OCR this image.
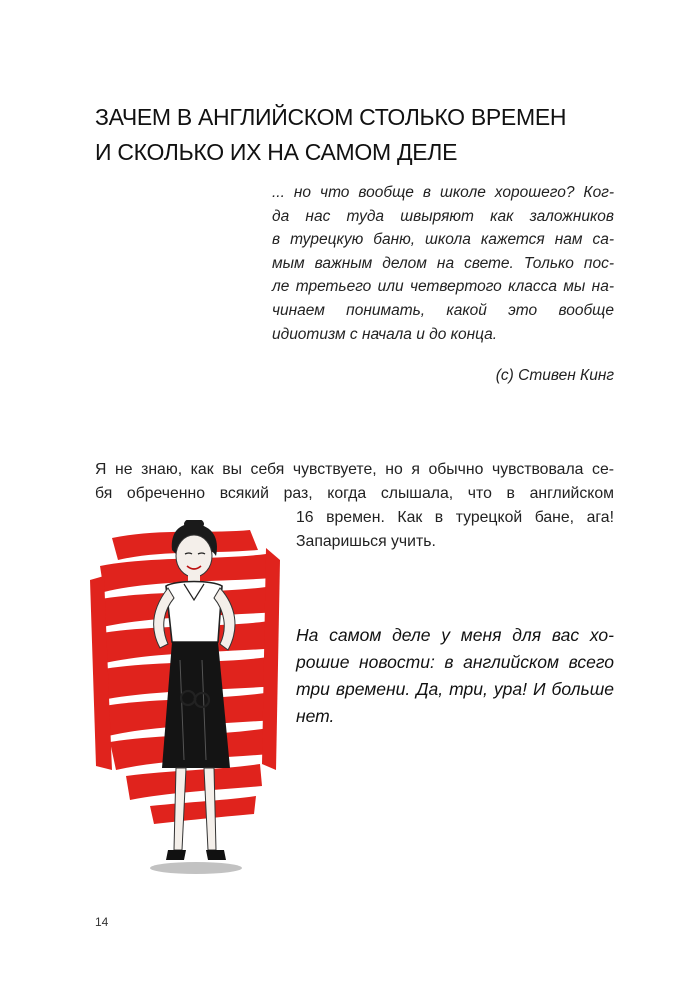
ЗАЧЕМ В АНГЛИЙСКОМ СТОЛЬКО ВРЕМЕН
И СКОЛЬКО ИХ НА САМОМ ДЕЛЕ
... но что вообще в школе хорошего? Ког-
да нас туда швыряют как заложников
в турецкую баню, школа кажется нам са-
мым важным делом на свете. Только пос-
ле третьего или четвертого класса мы на-
чинаем понимать, какой это вообще
идиотизм с начала и до конца.
(с) Стивен Кинг
Я не знаю, как вы себя чувствуете, но я обычно чувствовала се-
бя обреченно всякий раз, когда слышала, что в английском
16 времен. Как в турецкой бане, ага!
Запаришься учить.
На самом деле у меня для вас хо-
рошие новости: в английском всего
три времени. Да, три, ура! И больше
нет.
14
